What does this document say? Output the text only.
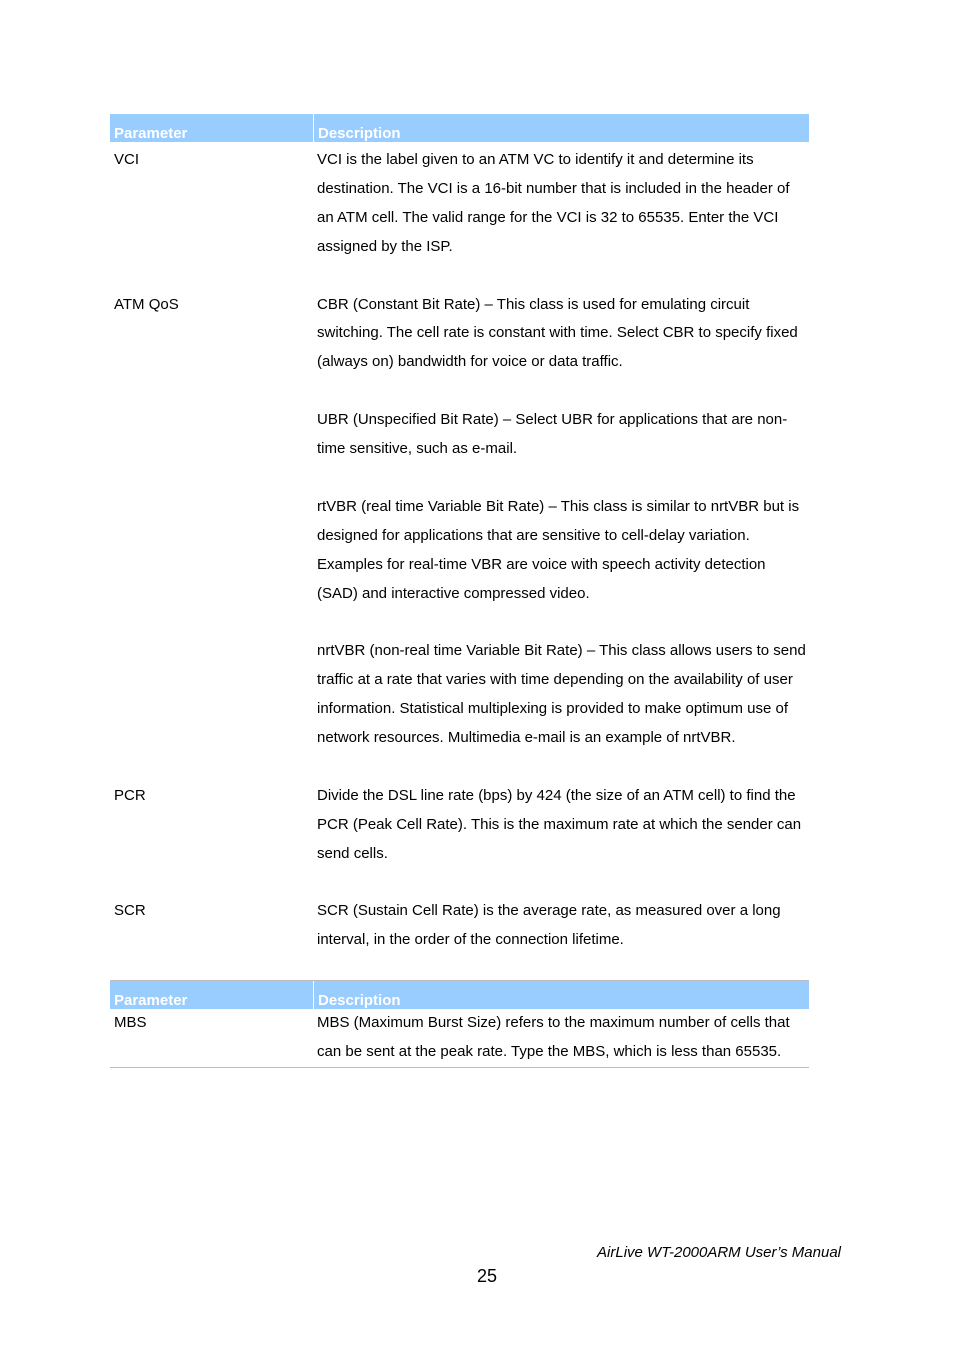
Parameter	Description
VCI	VCI is the label given to an ATM VC to identify it and determine its destination. The VCI is a 16-bit number that is included in the header of an ATM cell. The valid range for the VCI is 32 to 65535. Enter the VCI assigned by the ISP.

ATM QoS	CBR (Constant Bit Rate) – This class is used for emulating circuit switching. The cell rate is constant with time. Select CBR to specify fixed (always on) bandwidth for voice or data traffic.

UBR (Unspecified Bit Rate) – Select UBR for applications that are non-time sensitive, such as e-mail.

rtVBR (real time Variable Bit Rate) – This class is similar to nrtVBR but is designed for applications that are sensitive to cell-delay variation. Examples for real-time VBR are voice with speech activity detection (SAD) and interactive compressed video.

nrtVBR (non-real time Variable Bit Rate) – This class allows users to send traffic at a rate that varies with time depending on the availability of user information. Statistical multiplexing is provided to make optimum use of network resources. Multimedia e-mail is an example of nrtVBR.

PCR	Divide the DSL line rate (bps) by 424 (the size of an ATM cell) to find the PCR (Peak Cell Rate). This is the maximum rate at which the sender can send cells.

SCR	SCR (Sustain Cell Rate) is the average rate, as measured over a long interval, in the order of the connection lifetime.

Parameter	Description
MBS	MBS (Maximum Burst Size) refers to the maximum number of cells that can be sent at the peak rate. Type the MBS, which is less than 65535.

AirLive WT-2000ARM User’s Manual
25
